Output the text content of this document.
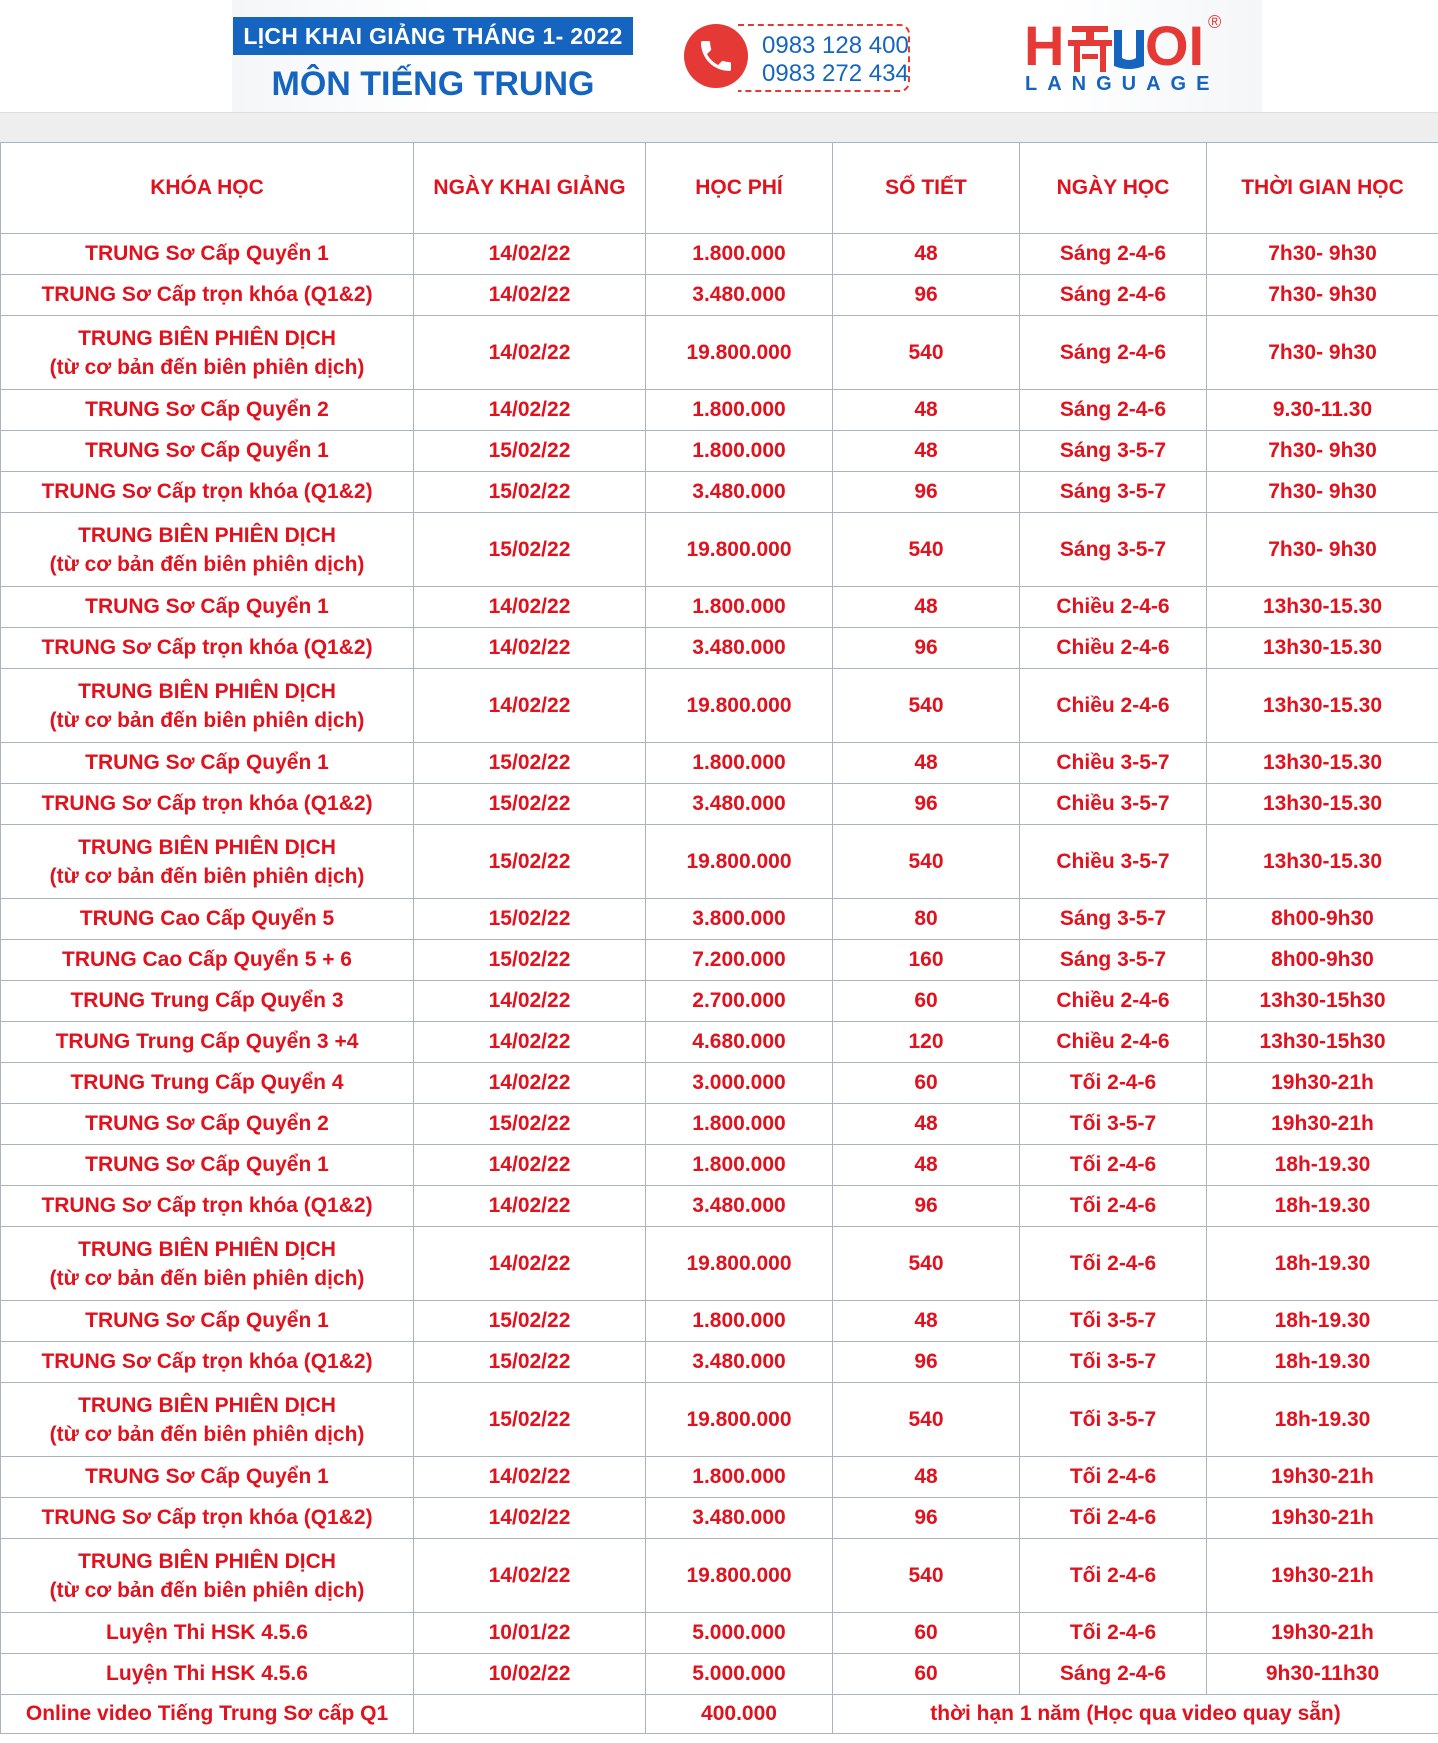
LỊCH KHAI GIẢNG THÁNG 1- 2022
MÔN TIẾNG TRUNG
0983 128 400
0983 272 434 H OI ®
LANGUAGE
KHÓA HỌC	NGÀY KHAI GIẢNG	HỌC PHÍ	SỐ TIẾT	NGÀY HỌC	THỜI GIAN HỌC
TRUNG Sơ Cấp Quyển 1	14/02/22	1.800.000	48	Sáng 2-4-6	7h30- 9h30
TRUNG Sơ Cấp trọn khóa (Q1&2)	14/02/22	3.480.000	96	Sáng 2-4-6	7h30- 9h30

TRUNG BIÊN PHIÊN DỊCH
(từ cơ bản đến biên phiên dịch)	14/02/22	19.800.000	540	Sáng 2-4-6	7h30- 9h30
TRUNG Sơ Cấp Quyển 2	14/02/22	1.800.000	48	Sáng 2-4-6	9.30-11.30
TRUNG Sơ Cấp Quyển 1	15/02/22	1.800.000	48	Sáng 3-5-7	7h30- 9h30
TRUNG Sơ Cấp trọn khóa (Q1&2)	15/02/22	3.480.000	96	Sáng 3-5-7	7h30- 9h30

TRUNG BIÊN PHIÊN DỊCH
(từ cơ bản đến biên phiên dịch)	15/02/22	19.800.000	540	Sáng 3-5-7	7h30- 9h30
TRUNG Sơ Cấp Quyển 1	14/02/22	1.800.000	48	Chiều 2-4-6	13h30-15.30
TRUNG Sơ Cấp trọn khóa (Q1&2)	14/02/22	3.480.000	96	Chiều 2-4-6	13h30-15.30

TRUNG BIÊN PHIÊN DỊCH
(từ cơ bản đến biên phiên dịch)	14/02/22	19.800.000	540	Chiều 2-4-6	13h30-15.30
TRUNG Sơ Cấp Quyển 1	15/02/22	1.800.000	48	Chiều 3-5-7	13h30-15.30
TRUNG Sơ Cấp trọn khóa (Q1&2)	15/02/22	3.480.000	96	Chiều 3-5-7	13h30-15.30

TRUNG BIÊN PHIÊN DỊCH
(từ cơ bản đến biên phiên dịch)	15/02/22	19.800.000	540	Chiều 3-5-7	13h30-15.30
TRUNG Cao Cấp Quyển 5	15/02/22	3.800.000	80	Sáng 3-5-7	8h00-9h30
TRUNG Cao Cấp Quyển 5 + 6	15/02/22	7.200.000	160	Sáng 3-5-7	8h00-9h30
TRUNG Trung Cấp Quyển 3	14/02/22	2.700.000	60	Chiều 2-4-6	13h30-15h30
TRUNG Trung Cấp Quyển 3 +4	14/02/22	4.680.000	120	Chiều 2-4-6	13h30-15h30
TRUNG Trung Cấp Quyển 4	14/02/22	3.000.000	60	Tối 2-4-6	19h30-21h
TRUNG Sơ Cấp Quyển 2	15/02/22	1.800.000	48	Tối 3-5-7	19h30-21h
TRUNG Sơ Cấp Quyển 1	14/02/22	1.800.000	48	Tối 2-4-6	18h-19.30
TRUNG Sơ Cấp trọn khóa (Q1&2)	14/02/22	3.480.000	96	Tối 2-4-6	18h-19.30

TRUNG BIÊN PHIÊN DỊCH
(từ cơ bản đến biên phiên dịch)	14/02/22	19.800.000	540	Tối 2-4-6	18h-19.30
TRUNG Sơ Cấp Quyển 1	15/02/22	1.800.000	48	Tối 3-5-7	18h-19.30
TRUNG Sơ Cấp trọn khóa (Q1&2)	15/02/22	3.480.000	96	Tối 3-5-7	18h-19.30

TRUNG BIÊN PHIÊN DỊCH
(từ cơ bản đến biên phiên dịch)	15/02/22	19.800.000	540	Tối 3-5-7	18h-19.30
TRUNG Sơ Cấp Quyển 1	14/02/22	1.800.000	48	Tối 2-4-6	19h30-21h
TRUNG Sơ Cấp trọn khóa (Q1&2)	14/02/22	3.480.000	96	Tối 2-4-6	19h30-21h

TRUNG BIÊN PHIÊN DỊCH
(từ cơ bản đến biên phiên dịch)	14/02/22	19.800.000	540	Tối 2-4-6	19h30-21h
Luyện Thi HSK 4.5.6	10/01/22	5.000.000	60	Tối 2-4-6	19h30-21h
Luyện Thi HSK 4.5.6	10/02/22	5.000.000	60	Sáng 2-4-6	9h30-11h30
Online video Tiếng Trung Sơ cấp Q1		400.000	thời hạn 1 năm (Học qua video quay sẵn)		
